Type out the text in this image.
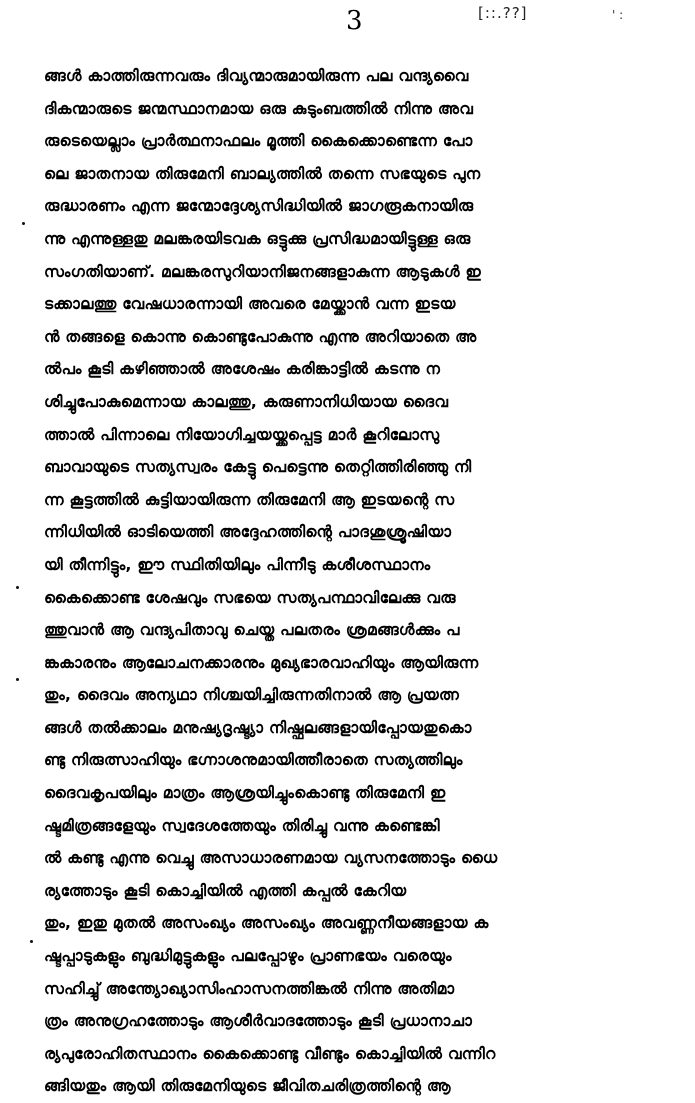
3	[::.??]	' :
ങ്ങൾ കാത്തിരുന്നവരും ദിവ്യന്മാരുമായിരുന്ന പല വന്ദ്യവൈ
ദികന്മാരുടെ ജന്മസ്ഥാനമായ ഒരു കുടുംബത്തിൽ നിന്നു അവ
രുടെയെല്ലാം പ്രാർത്ഥനാഫലം മൂത്തി കൈക്കൊണ്ടെന്ന പോ
ലെ ജാതനായ തിരുമേനി ബാല്യത്തിൽ തന്നെ സഭയുടെ പുന
രുദ്ധാരണം എന്ന ജന്മോദ്ദേശ്യസിദ്ധിയിൽ ജാഗരൂകനായിരു
ന്നു എന്നുള്ളതു മലങ്കരയിടവക ഒട്ടുക്കു പ്രസിദ്ധമായിട്ടുള്ള ഒരു
സംഗതിയാണ്. മലങ്കരസുറിയാനിജനങ്ങളാകുന്ന ആടുകൾ ഇ
ടക്കാലത്തു വേഷധാരന്നായി അവരെ മേയ്ക്കാൻ വന്ന ഇടയ
ൻ തങ്ങളെ കൊന്നു കൊണ്ടുപോകുന്നു എന്നു അറിയാതെ അ
ൽപം കൂടി കഴിഞ്ഞാൽ അശേഷം കരിങ്കാട്ടിൽ കടന്നു ന
ശിച്ചുപോകുമെന്നായ കാലത്തു, കരുണാനിധിയായ ദൈവ
ത്താൽ പിന്നാലെ നിയോഗിച്ചയയ്ക്കപ്പെട്ട മാർ കൂറിലോസു
ബാവായുടെ സത്യസ്വരം കേട്ടു പെട്ടെന്നു തെറ്റിത്തിരിഞ്ഞു നി
ന്ന കൂട്ടത്തിൽ കുട്ടിയായിരുന്ന തിരുമേനി ആ ഇടയന്റെ സ
ന്നിധിയിൽ ഓടിയെത്തി അദ്ദേഹത്തിന്റെ പാദശുശ്രൂഷിയാ
യി തീന്നിട്ടും, ഈ സ്ഥിതിയിലും പിന്നീടു കശീശസ്ഥാനം
കൈക്കൊണ്ട ശേഷവും സഭയെ സത്യപന്ഥാവിലേക്കു വരു
ത്തുവാൻ ആ വന്ദ്യപിതാവു ചെയ്ത പലതരം ശ്രമങ്ങൾക്കും പ
ങ്കകാരനും ആലോചനക്കാരനും മുഖ്യഭാരവാഹിയും ആയിരുന്ന
തും, ദൈവം അന്യഥാ നിശ്ചയിച്ചിരുന്നതിനാൽ ആ പ്രയത്ന
ങ്ങൾ തൽക്കാലം മനുഷ്യദൃഷ്ട്യാ നിഷ്ഫലങ്ങളായിപ്പോയതുകൊ
ണ്ടു നിരുത്സാഹിയും ഭഗ്നാശനുമായിത്തീരാതെ സത്യത്തിലും
ദൈവകൃപയിലും മാത്രം ആശ്രയിച്ചുംകൊണ്ടു തിരുമേനി ഇ
ഷ്ടമിത്രങ്ങളേയും സ്വദേശത്തേയും തിരിച്ചു വന്നു കണ്ടെങ്കി
ൽ കണ്ടു എന്നു വെച്ചു അസാധാരണമായ വ്യസനത്തോടും ധൈ
ര്യത്തോടും കൂടി കൊച്ചിയിൽ എത്തി കപ്പൽ കേറിയ
തും, ഇതു മുതൽ അസംഖ്യം അസംഖ്യം അവണ്ണനീയങ്ങളായ ക
ഷ്ടപ്പാടുകളും ബുദ്ധിമുട്ടുകളും പലപ്പോഴും പ്രാണഭയം വരെയും
സഹിച്ചു് അന്ത്യോഖ്യാസിംഹാസനത്തിങ്കൽ നിന്നു അതിമാ
ത്രം അനുഗ്രഹത്തോടും ആശീർവാദത്തോടും കൂടി പ്രധാനാചാ
ര്യപുരോഹിതസ്ഥാനം കൈക്കൊണ്ടു വീണ്ടും കൊച്ചിയിൽ വന്നിറ
ങ്ങിയതും ആയി തിരുമേനിയുടെ ജീവിതചരിത്രത്തിന്റെ ആ
